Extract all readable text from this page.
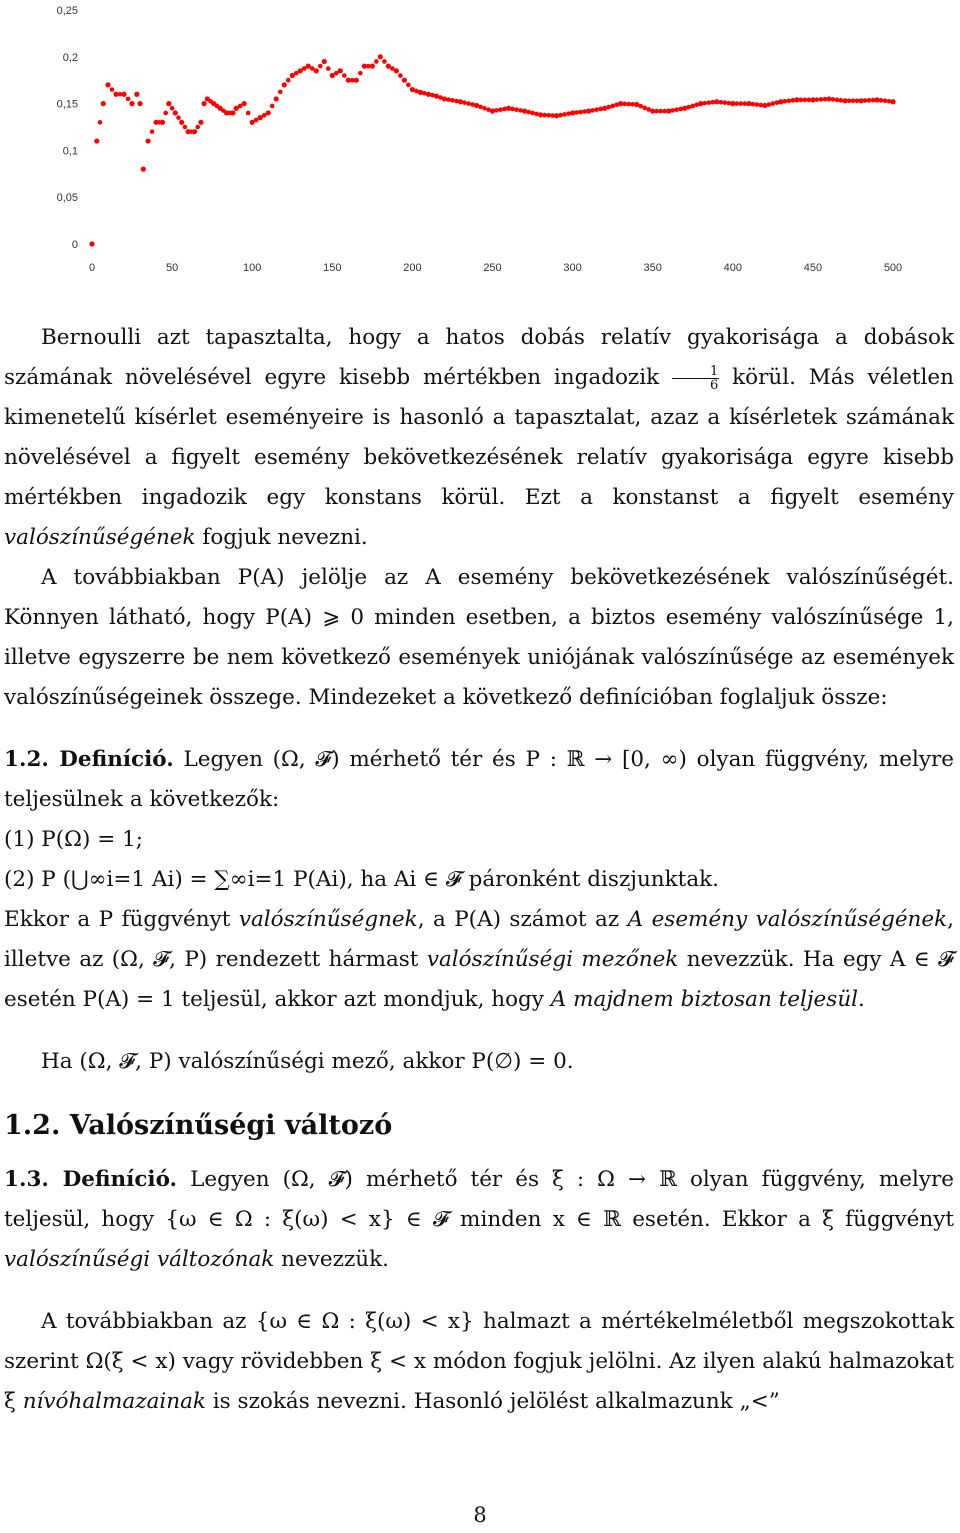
0
0,05
0,1
0,15
0,2
0,25
0	50	100	150	200	250	300	350	400	450	500

Bernoulli azt tapasztalta, hogy a hatos dobás relatív gyakorisága a dobások számának növelésével egyre kisebb mértékben ingadozik $\frac{1}{6}$ körül. Más véletlen kimenetelű kísérlet eseményeire is hasonló a tapasztalat, azaz a kísérletek számának növelésével a figyelt esemény bekövetkezésének relatív gyakorisága egyre kisebb mértékben ingadozik egy konstans körül. Ezt a konstanst a figyelt esemény valószínűségének fogjuk nevezni.

A továbbiakban P(A) jelölje az A esemény bekövetkezésének valószínűségét. Könnyen látható, hogy P(A) ⩾ 0 minden esetben, a biztos esemény valószínűsége 1, illetve egyszerre be nem következő események uniójának valószínűsége az események valószínűségeinek összege. Mindezeket a következő definícióban foglaljuk össze:

1.2. Definíció. Legyen (Ω, 𝓕) mérhető tér és P : ℝ → [0, ∞) olyan függvény, melyre teljesülnek a következők:

(1) P(Ω) = 1;

(2) P (⋃∞i=1 Ai) = ∑∞i=1 P(Ai), ha Ai ∈ 𝓕 páronként diszjunktak.

Ekkor a P függvényt valószínűségnek, a P(A) számot az A esemény valószínűségének, illetve az (Ω, 𝓕, P) rendezett hármast valószínűségi mezőnek nevezzük. Ha egy A ∈ 𝓕 esetén P(A) = 1 teljesül, akkor azt mondjuk, hogy A majdnem biztosan teljesül.

Ha (Ω, 𝓕, P) valószínűségi mező, akkor P(∅) = 0.

1.2. Valószínűségi változó

1.3. Definíció. Legyen (Ω, 𝓕) mérhető tér és ξ : Ω → ℝ olyan függvény, melyre teljesül, hogy {ω ∈ Ω : ξ(ω) < x} ∈ 𝓕 minden x ∈ ℝ esetén. Ekkor a ξ függvényt valószínűségi változónak nevezzük.

A továbbiakban az {ω ∈ Ω : ξ(ω) < x} halmazt a mértékelméletből megszokottak szerint Ω(ξ < x) vagy rövidebben ξ < x módon fogjuk jelölni. Az ilyen alakú halmazokat ξ nívóhalmazainak is szokás nevezni. Hasonló jelölést alkalmazunk „<”

8
